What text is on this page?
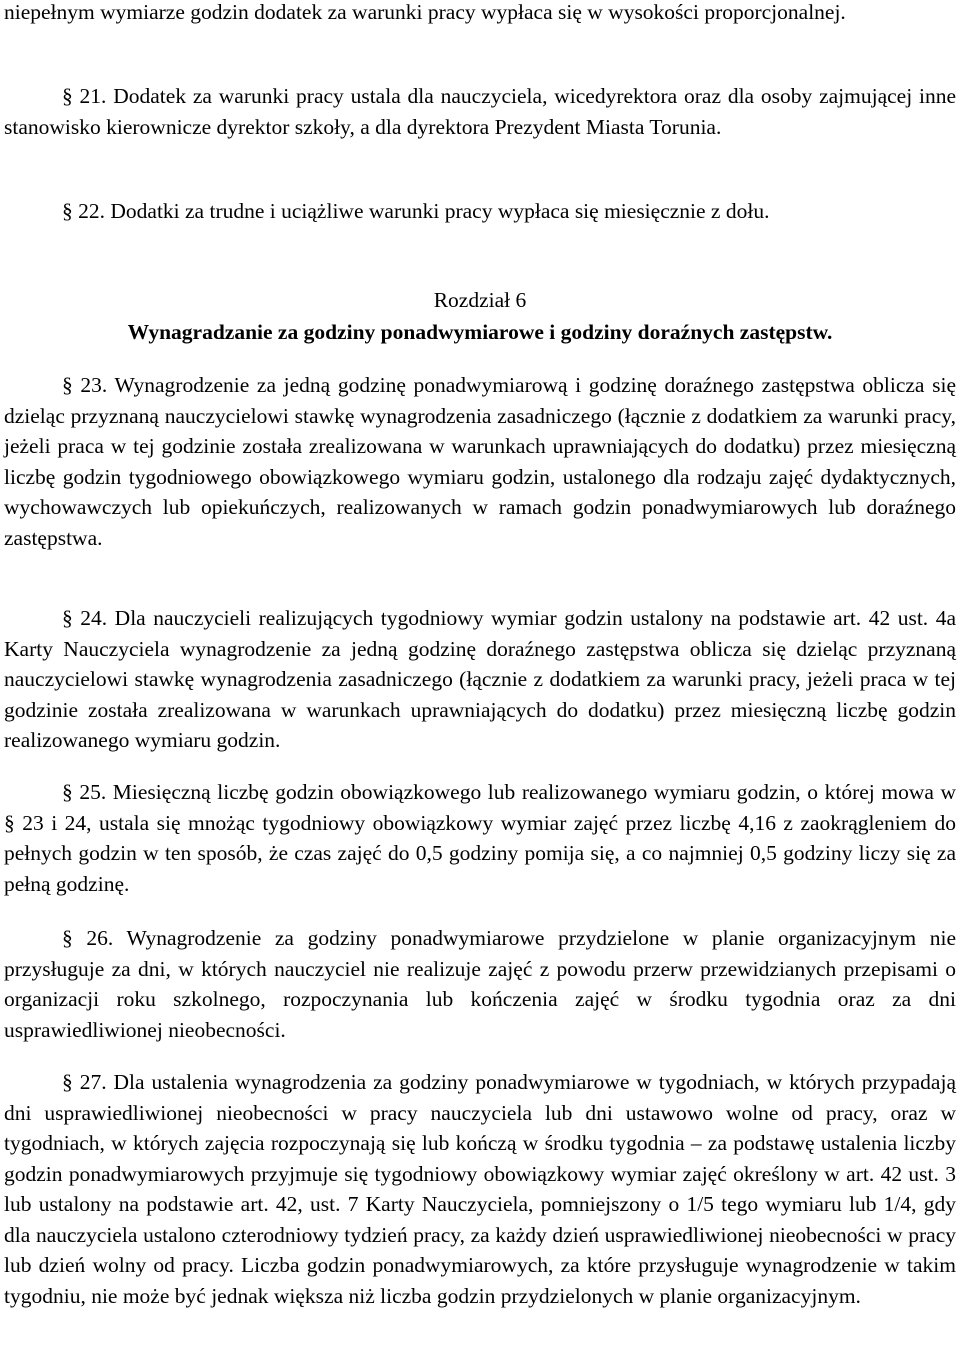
niepełnym wymiarze godzin dodatek za warunki pracy wypłaca się w wysokości proporcjonalnej.

§ 21. Dodatek za warunki pracy ustala dla nauczyciela, wicedyrektora oraz dla osoby zajmującej inne stanowisko kierownicze dyrektor szkoły, a dla dyrektora Prezydent Miasta Torunia.

§ 22. Dodatki za trudne i uciążliwe warunki pracy wypłaca się miesięcznie z dołu.

Rozdział 6
Wynagradzanie za godziny ponadwymiarowe i godziny doraźnych zastępstw.

§ 23. Wynagrodzenie za jedną godzinę ponadwymiarową i godzinę doraźnego zastępstwa oblicza się dzieląc przyznaną nauczycielowi stawkę wynagrodzenia zasadniczego (łącznie z dodatkiem za warunki pracy, jeżeli praca w tej godzinie została zrealizowana w warunkach uprawniających do dodatku) przez miesięczną liczbę godzin tygodniowego obowiązkowego wymiaru godzin, ustalonego dla rodzaju zajęć dydaktycznych, wychowawczych lub opiekuńczych, realizowanych w ramach godzin ponadwymiarowych lub doraźnego zastępstwa.

§ 24. Dla nauczycieli realizujących tygodniowy wymiar godzin ustalony na podstawie art. 42 ust. 4a Karty Nauczyciela wynagrodzenie za jedną godzinę doraźnego zastępstwa oblicza się dzieląc przyznaną nauczycielowi stawkę wynagrodzenia zasadniczego (łącznie z dodatkiem za warunki pracy, jeżeli praca w tej godzinie została zrealizowana w warunkach uprawniających do dodatku) przez miesięczną liczbę godzin realizowanego wymiaru godzin.

§ 25. Miesięczną liczbę godzin obowiązkowego lub realizowanego wymiaru godzin, o której mowa w § 23 i 24, ustala się mnożąc tygodniowy obowiązkowy wymiar zajęć przez liczbę 4,16 z zaokrągleniem do pełnych godzin w ten sposób, że czas zajęć do 0,5 godziny pomija się, a co najmniej 0,5 godziny liczy się za pełną godzinę.

§ 26. Wynagrodzenie za godziny ponadwymiarowe przydzielone w planie organizacyjnym nie przysługuje za dni, w których nauczyciel nie realizuje zajęć z powodu przerw przewidzianych przepisami o organizacji roku szkolnego, rozpoczynania lub kończenia zajęć w środku tygodnia oraz za dni usprawiedliwionej nieobecności.

§ 27. Dla ustalenia wynagrodzenia za godziny ponadwymiarowe w tygodniach, w których przypadają dni usprawiedliwionej nieobecności w pracy nauczyciela lub dni ustawowo wolne od pracy, oraz w tygodniach, w których zajęcia rozpoczynają się lub kończą w środku tygodnia – za podstawę ustalenia liczby godzin ponadwymiarowych przyjmuje się tygodniowy obowiązkowy wymiar zajęć określony w art. 42 ust. 3 lub ustalony na podstawie art. 42, ust. 7 Karty Nauczyciela, pomniejszony o 1/5 tego wymiaru lub 1/4, gdy dla nauczyciela ustalono czterodniowy tydzień pracy, za każdy dzień usprawiedliwionej nieobecności w pracy lub dzień wolny od pracy. Liczba godzin ponadwymiarowych, za które przysługuje wynagrodzenie w takim tygodniu, nie może być jednak większa niż liczba godzin przydzielonych w planie organizacyjnym.
